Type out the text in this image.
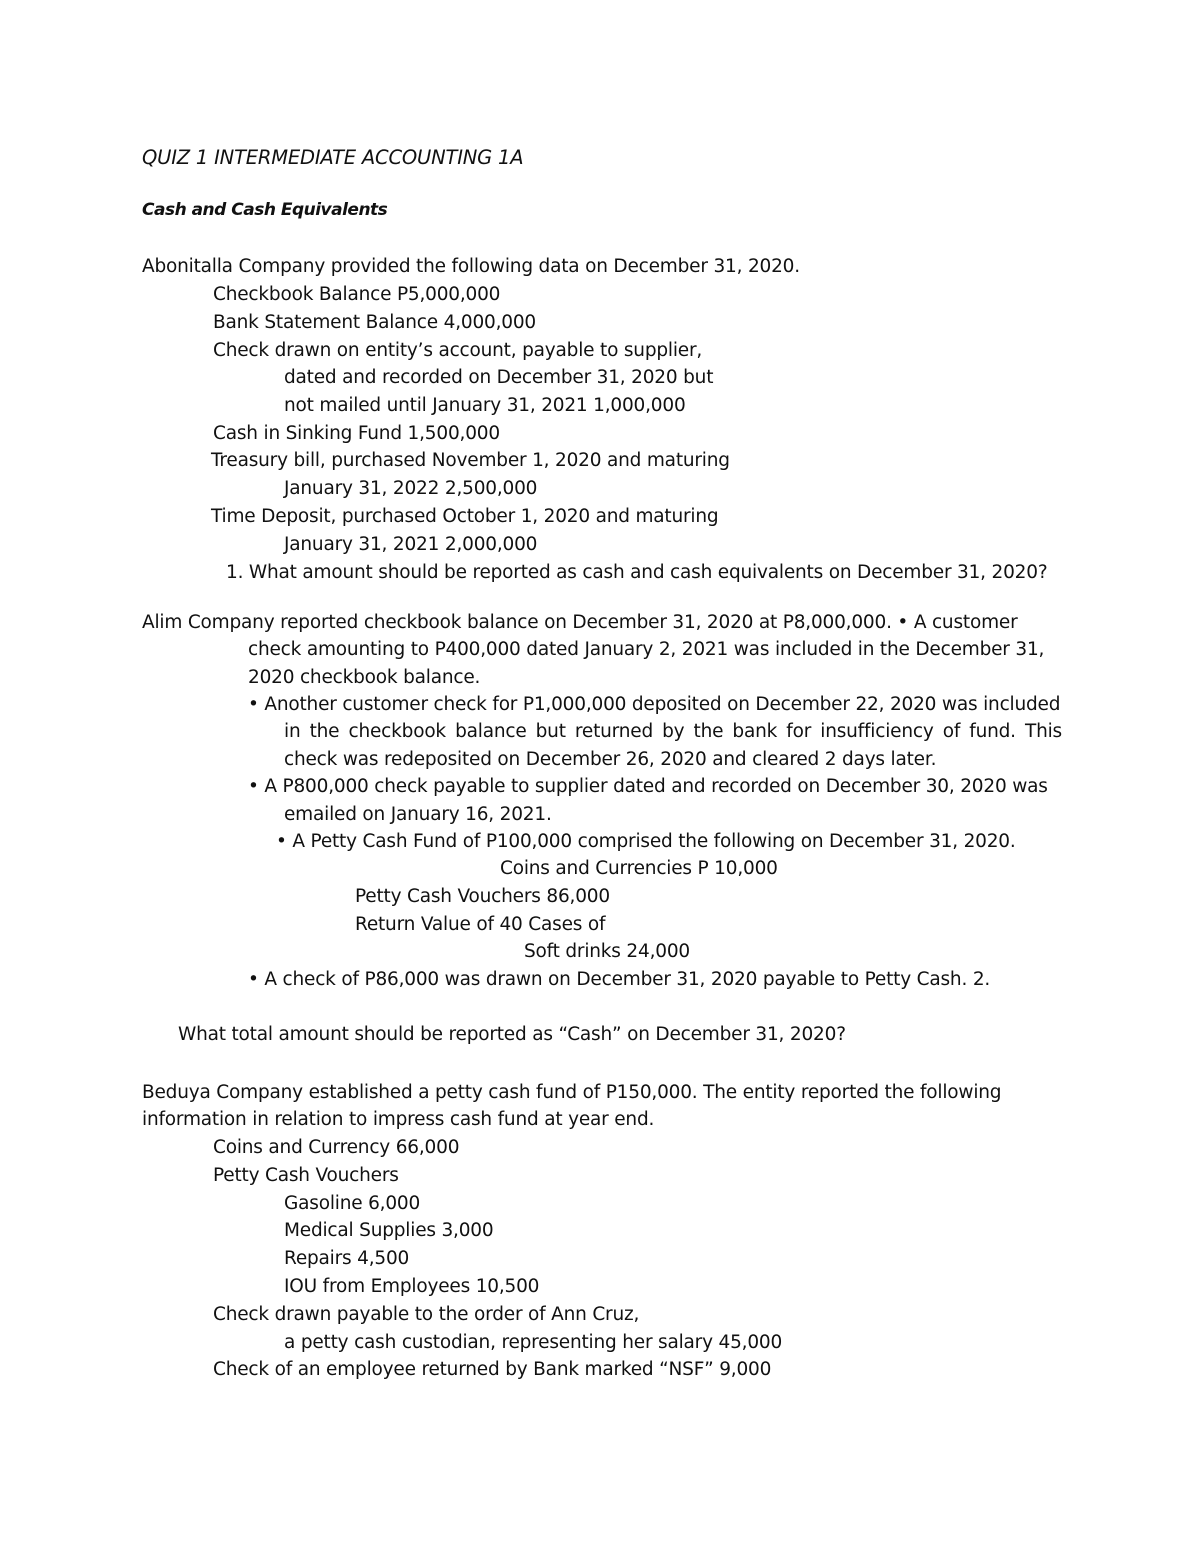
QUIZ 1 INTERMEDIATE ACCOUNTING 1A
Cash and Cash Equivalents
Abonitalla Company provided the following data on December 31, 2020.
Checkbook Balance P5,000,000
Bank Statement Balance 4,000,000
Check drawn on entity’s account, payable to supplier,
dated and recorded on December 31, 2020 but
not mailed until January 31, 2021 1,000,000
Cash in Sinking Fund 1,500,000
Treasury bill, purchased November 1, 2020 and maturing
January 31, 2022 2,500,000
Time Deposit, purchased October 1, 2020 and maturing
January 31, 2021 2,000,000
1. What amount should be reported as cash and cash equivalents on December 31, 2020?
Alim Company reported checkbook balance on December 31, 2020 at P8,000,000. • A customer
check amounting to P400,000 dated January 2, 2021 was included in the December 31,
2020 checkbook balance.
• Another customer check for P1,000,000 deposited on December 22, 2020 was included
in the checkbook balance but returned by the bank for insufficiency of fund. This
check was redeposited on December 26, 2020 and cleared 2 days later.
• A P800,000 check payable to supplier dated and recorded on December 30, 2020 was
emailed on January 16, 2021.
• A Petty Cash Fund of P100,000 comprised the following on December 31, 2020.
Coins and Currencies P 10,000
Petty Cash Vouchers 86,000
Return Value of 40 Cases of
Soft drinks 24,000
• A check of P86,000 was drawn on December 31, 2020 payable to Petty Cash. 2.
What total amount should be reported as “Cash” on December 31, 2020?
Beduya Company established a petty cash fund of P150,000. The entity reported the following
information in relation to impress cash fund at year end.
Coins and Currency 66,000
Petty Cash Vouchers
Gasoline 6,000
Medical Supplies 3,000
Repairs 4,500
IOU from Employees 10,500
Check drawn payable to the order of Ann Cruz,
a petty cash custodian, representing her salary 45,000
Check of an employee returned by Bank marked “NSF” 9,000
